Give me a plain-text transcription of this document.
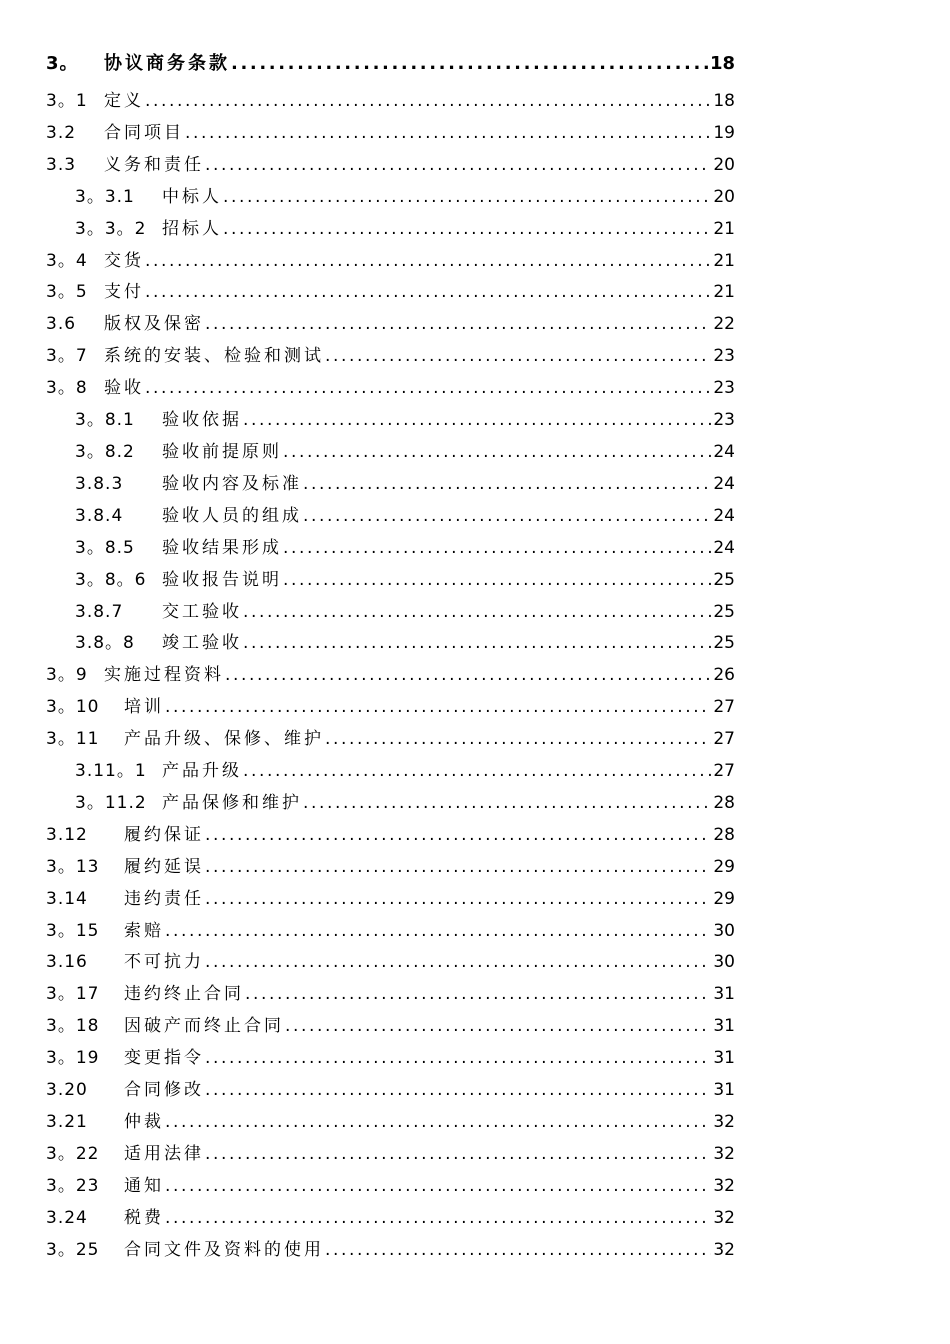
3。	协议商务条款 .....	18
3。1 定义 .....	18
3.2	合同项目 .....	19
3.3	义务和责任 .....	20
3。3.1	中标人 .....	20
3。3。2 招标人 .....	21
3。4 交货 .....	21
3。5 支付 .....	21
3.6	版权及保密 .....	22
3。7 系统的安装、检验和测试 .....	23
3。8 验收 .....	23
3。8.1	验收依据 .....	23
3。8.2	验收前提原则 .....	24
3.8.3	验收内容及标准 .....	24
3.8.4	验收人员的组成 .....	24
3。8.5	验收结果形成 .....	24
3。8。6 验收报告说明 .....	25
3.8.7	交工验收 .....	25
3.8。8	竣工验收 .....	25
3。9 实施过程资料 .....	26
3。10	培训 .....	27
3。11	产品升级、保修、维护 .....	27
3.11。1 产品升级 .....	27
3。11.2 产品保修和维护 .....	28
3.12	履约保证 .....	28
3。13	履约延误 .....	29
3.14	违约责任 .....	29
3。15	索赔 .....	30
3.16	不可抗力 .....	30
3。17	违约终止合同 .....	31
3。18	因破产而终止合同 .....	31
3。19	变更指令 .....	31
3.20	合同修改 .....	31
3.21	仲裁 .....	32
3。22	适用法律 .....	32
3。23	通知 .....	32
3.24	税费 .....	32
3。25	合同文件及资料的使用 .....	32
